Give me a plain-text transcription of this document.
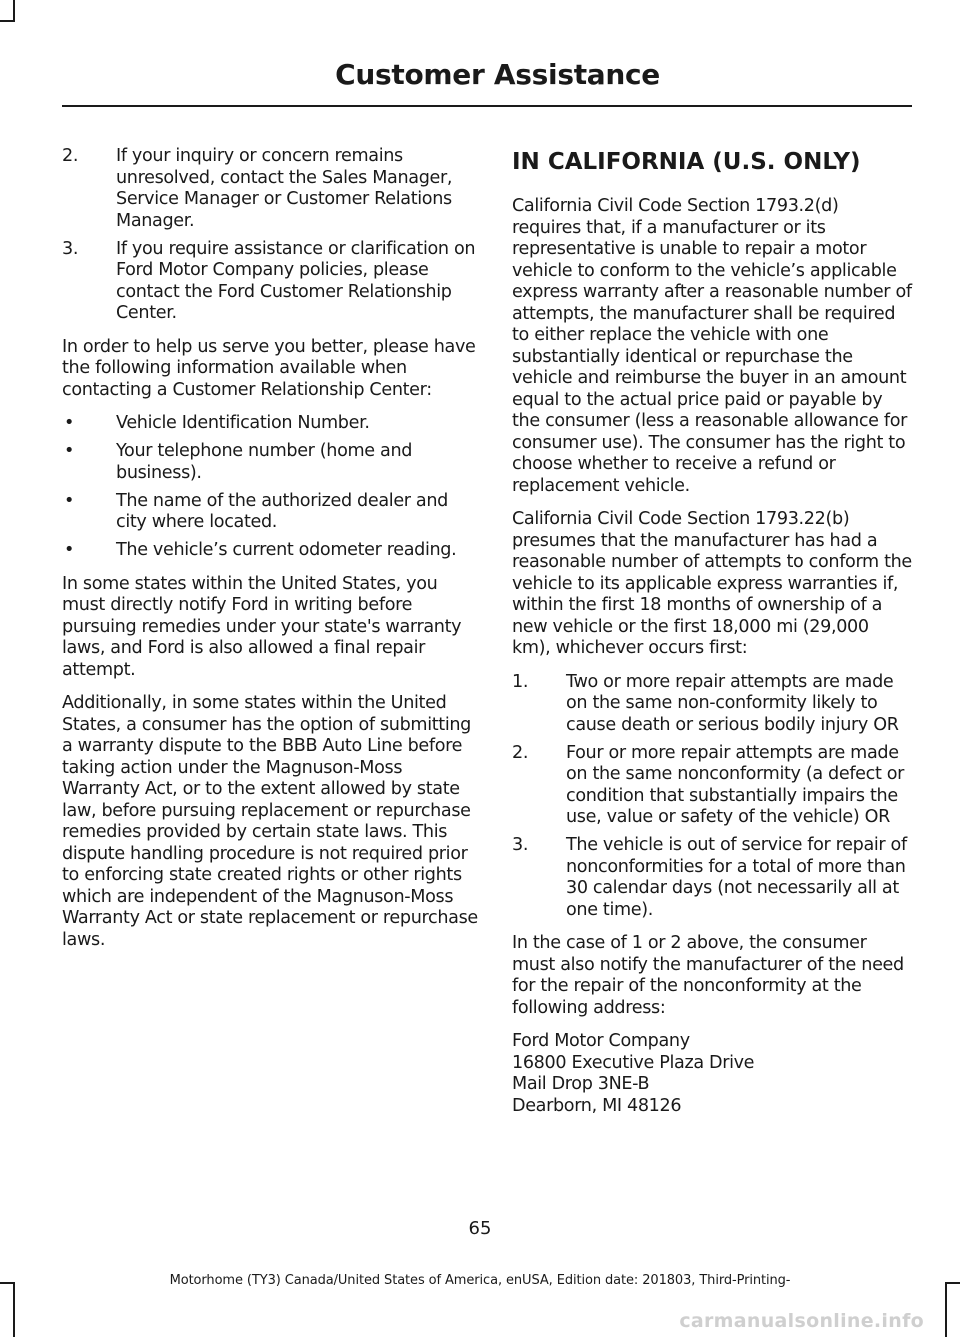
Customer Assistance
2. If your inquiry or concern remains unresolved, contact the Sales Manager, Service Manager or Customer Relations Manager.
3. If you require assistance or clarification on Ford Motor Company policies, please contact the Ford Customer Relationship Center.

In order to help us serve you better, please have the following information available when contacting a Customer Relationship Center:

• Vehicle Identification Number.
• Your telephone number (home and business).
• The name of the authorized dealer and city where located.
• The vehicle’s current odometer reading.

In some states within the United States, you must directly notify Ford in writing before pursuing remedies under your state's warranty laws, and Ford is also allowed a final repair attempt.

Additionally, in some states within the United States, a consumer has the option of submitting a warranty dispute to the BBB Auto Line before taking action under the Magnuson-Moss Warranty Act, or to the extent allowed by state law, before pursuing replacement or repurchase remedies provided by certain state laws. This dispute handling procedure is not required prior to enforcing state created rights or other rights which are independent of the Magnuson-Moss Warranty Act or state replacement or repurchase laws.

IN CALIFORNIA (U.S. ONLY)

California Civil Code Section 1793.2(d) requires that, if a manufacturer or its representative is unable to repair a motor vehicle to conform to the vehicle’s applicable express warranty after a reasonable number of attempts, the manufacturer shall be required to either replace the vehicle with one substantially identical or repurchase the vehicle and reimburse the buyer in an amount equal to the actual price paid or payable by the consumer (less a reasonable allowance for consumer use). The consumer has the right to choose whether to receive a refund or replacement vehicle.

California Civil Code Section 1793.22(b) presumes that the manufacturer has had a reasonable number of attempts to conform the vehicle to its applicable express warranties if, within the first 18 months of ownership of a new vehicle or the first 18,000 mi (29,000 km), whichever occurs first:

1. Two or more repair attempts are made on the same non-conformity likely to cause death or serious bodily injury OR
2. Four or more repair attempts are made on the same nonconformity (a defect or condition that substantially impairs the use, value or safety of the vehicle) OR
3. The vehicle is out of service for repair of nonconformities for a total of more than 30 calendar days (not necessarily all at one time).

In the case of 1 or 2 above, the consumer must also notify the manufacturer of the need for the repair of the nonconformity at the following address:

Ford Motor Company
16800 Executive Plaza Drive
Mail Drop 3NE-B
Dearborn, MI 48126

65
Motorhome (TY3) Canada/United States of America, enUSA, Edition date: 201803, Third-Printing-
carmanualsonline.info
